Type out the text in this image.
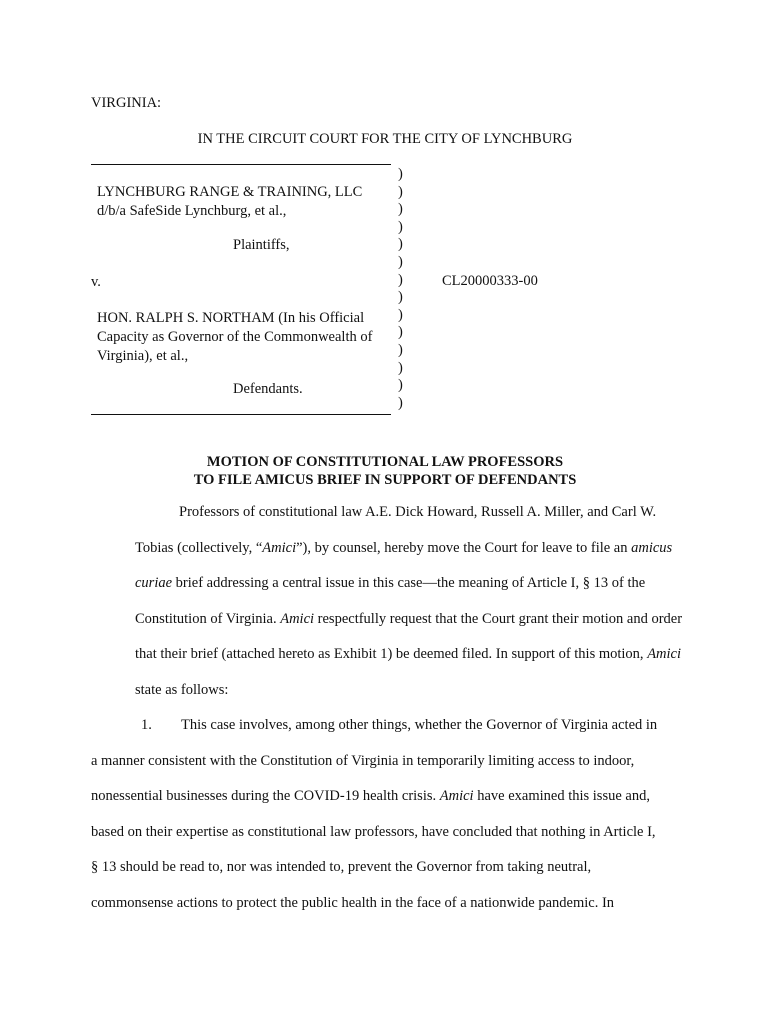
VIRGINIA:
IN THE CIRCUIT COURT FOR THE CITY OF LYNCHBURG
)
)
)
)
)
)
)
)
)
)
)
)
)
)
LYNCHBURG RANGE & TRAINING, LLC
d/b/a SafeSide Lynchburg, et al.,
Plaintiffs,
v.
HON. RALPH S. NORTHAM (In his Official
Capacity as Governor of the Commonwealth of
Virginia), et al.,
Defendants.
CL20000333-00
MOTION OF CONSTITUTIONAL LAW PROFESSORS
TO FILE AMICUS BRIEF IN SUPPORT OF DEFENDANTS
Professors of constitutional law A.E. Dick Howard, Russell A. Miller, and Carl W.
Tobias (collectively, “Amici”), by counsel, hereby move the Court for leave to file an amicus
curiae brief addressing a central issue in this case—the meaning of Article I, § 13 of the
Constitution of Virginia. Amici respectfully request that the Court grant their motion and order
that their brief (attached hereto as Exhibit 1) be deemed filed. In support of this motion, Amici
state as follows:
1. This case involves, among other things, whether the Governor of Virginia acted in
a manner consistent with the Constitution of Virginia in temporarily limiting access to indoor,
nonessential businesses during the COVID-19 health crisis. Amici have examined this issue and,
based on their expertise as constitutional law professors, have concluded that nothing in Article I,
§ 13 should be read to, nor was intended to, prevent the Governor from taking neutral,
commonsense actions to protect the public health in the face of a nationwide pandemic. In
